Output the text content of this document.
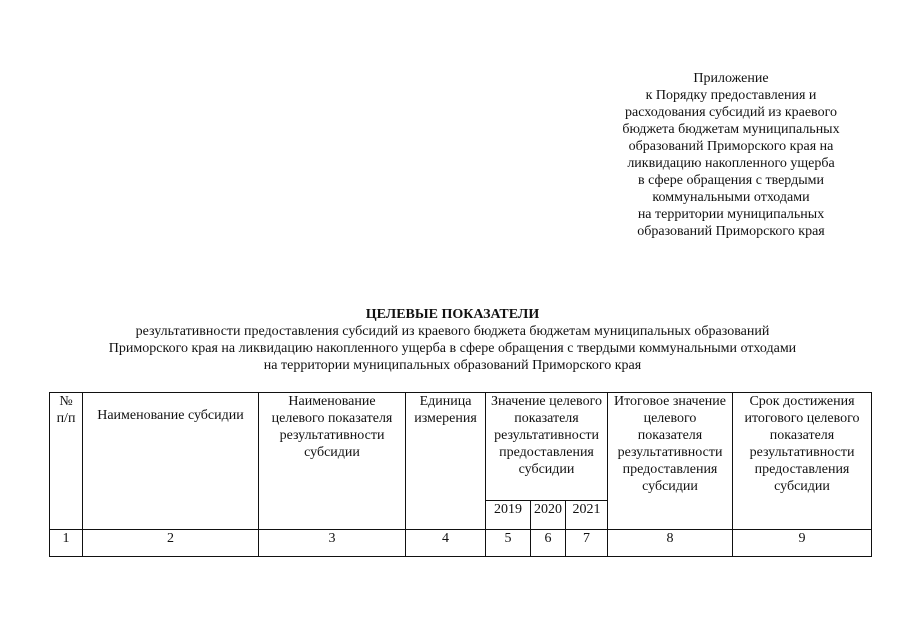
Приложение
к Порядку предоставления и
расходования субсидий из краевого
бюджета бюджетам муниципальных
образований Приморского края на
ликвидацию накопленного ущерба
в сфере обращения с твердыми
коммунальными отходами
на территории муниципальных
образований Приморского края
ЦЕЛЕВЫЕ ПОКАЗАТЕЛИ
результативности предоставления субсидий из краевого бюджета бюджетам муниципальных образований
Приморского края на ликвидацию накопленного ущерба в сфере обращения с твердыми коммунальными отходами
на территории муниципальных образований Приморского края
№ п/п	Наименование субсидии	Наименование целевого показателя результативности субсидии	Единица измерения	Значение целевого показателя результативности предоставления субсидии			Итоговое значение целевого показателя результативности предоставления субсидии	Срок достижения итогового целевого показателя результативности предоставления субсидии
				2019	2020	2021		
1	2	3	4	5	6	7	8	9
